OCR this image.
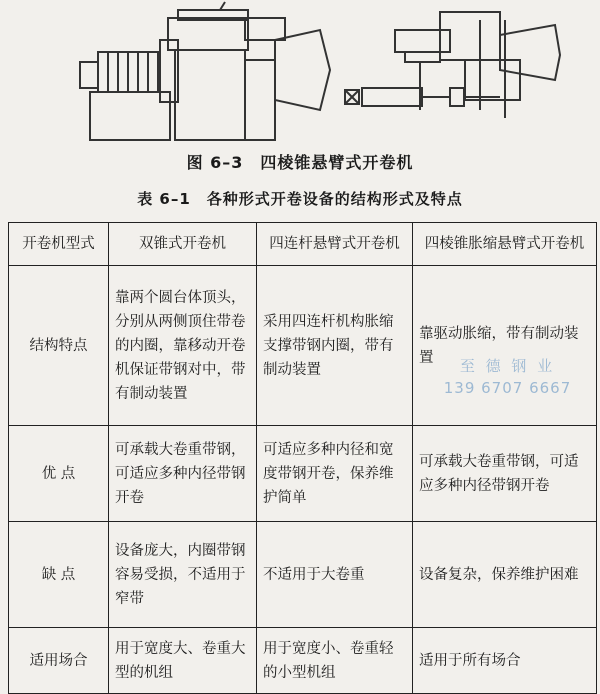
图 6–3　四棱锥悬臂式开卷机
表 6–1　各种形式开卷设备的结构形式及特点
开卷机型式	双锥式开卷机	四连杆悬臂式开卷机	四棱锥胀缩悬臂式开卷机
结构特点	靠两个圆台体顶头，分别从两侧顶住带卷的内圈，靠移动开卷机保证带钢对中，带有制动装置	采用四连杆机构胀缩支撑带钢内圈，带有制动装置	靠驱动胀缩，带有制动装置
优 点	可承载大卷重带钢，可适应多种内径带钢开卷	可适应多种内径和宽度带钢开卷，保养维护简单	可承载大卷重带钢，可适应多种内径带钢开卷
缺 点	设备庞大，内圈带钢容易受损，不适用于窄带	不适用于大卷重	设备复杂，保养维护困难
适用场合	用于宽度大、卷重大型的机组	用于宽度小、卷重轻的小型机组	适用于所有场合
至 德 钢 业
139 6707 6667
